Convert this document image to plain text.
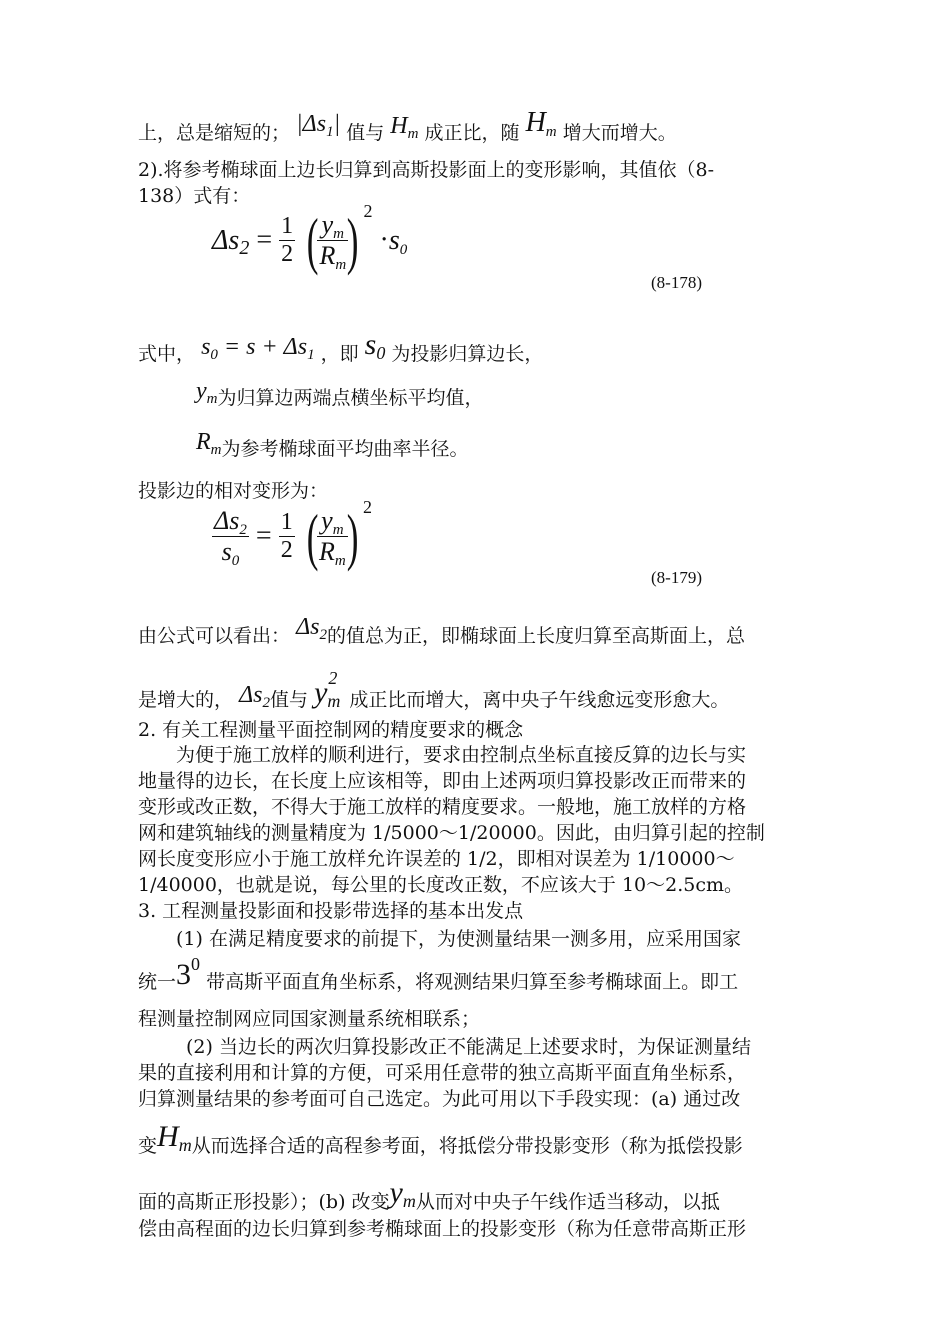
上，总是缩短的； $|\Delta s_1|$ 值与 $H_m$ 成正比，随 Hm 增大而增大。
2).将参考椭球面上边长归算到高斯投影面上的变形影响，其值依（8-
138）式有：
$\Delta s2 = \frac{1}{2}$ (
$\frac{ym}{Rm}$
) $^2$ ·s0
(8-178)
式中， $s_0 = s + \Delta s_1$ ，即 s0 为投影归算边长，
$y_m$为归算边两端点横坐标平均值，
$R_m$为参考椭球面平均曲率半径。
投影边的相对变形为：
$\frac{\Delta s2}{s0} = \frac{1}{2}$ (
$\frac{ym}{Rm}$
) $^2$
(8-179)
由公式可以看出： $\Delta s_2$的值总为正，即椭球面上长度归算至高斯面上，总
是增大的， $\Delta s_2$值与 $ym^2$成正比而增大，离中央子午线愈远变形愈大。
2. 有关工程测量平面控制网的精度要求的概念
为便于施工放样的顺利进行，要求由控制点坐标直接反算的边长与实
地量得的边长，在长度上应该相等，即由上述两项归算投影改正而带来的
变形或改正数，不得大于施工放样的精度要求。一般地，施工放样的方格
网和建筑轴线的测量精度为 1/5000～1/20000。因此，由归算引起的控制
网长度变形应小于施工放样允许误差的 1/2，即相对误差为 1/10000～
1/40000，也就是说，每公里的长度改正数，不应该大于 10～2.5cm。
3. 工程测量投影面和投影带选择的基本出发点
(1) 在满足精度要求的前提下，为使测量结果一测多用，应采用国家
统一$3^0$ 带高斯平面直角坐标系，将观测结果归算至参考椭球面上。即工
程测量控制网应同国家测量系统相联系；
(2) 当边长的两次归算投影改正不能满足上述要求时，为保证测量结
果的直接利用和计算的方便，可采用任意带的独立高斯平面直角坐标系，
归算测量结果的参考面可自己选定。为此可用以下手段实现：(a) 通过改
变Hm从而选择合适的高程参考面，将抵偿分带投影变形（称为抵偿投影
面的高斯正形投影）；(b) 改变ym从而对中央子午线作适当移动，以抵
偿由高程面的边长归算到参考椭球面上的投影变形（称为任意带高斯正形
